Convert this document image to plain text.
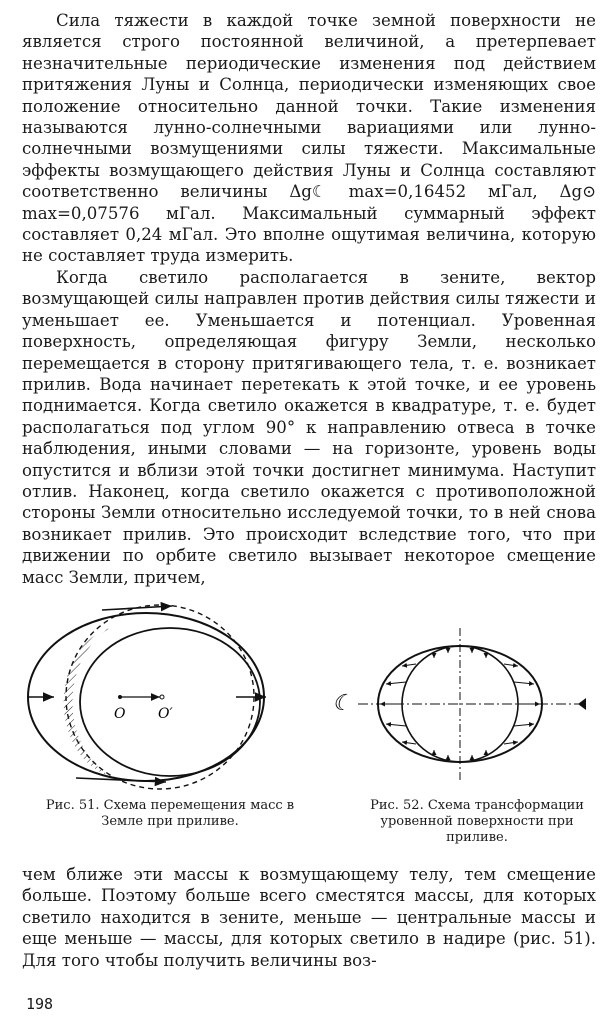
Сила тяжести в каждой точке земной поверхности не является строго постоянной величиной, а претерпевает незначительные периодические изменения под действием притяжения Луны и Солнца, периодически изменяющих свое положение относительно данной точки. Такие изменения называются лунно-солнечными вариациями или лунно-солнечными возмущениями силы тяжести. Максимальные эффекты возмущающего действия Луны и Солнца составляют соответственно величины Δg☾ max=0,16452 мГал, Δg⊙ max=0,07576 мГал. Максимальный суммарный эффект составляет 0,24 мГал. Это вполне ощутимая величина, которую не составляет труда измерить.

Когда светило располагается в зените, вектор возмущающей силы направлен против действия силы тяжести и уменьшает ее. Уменьшается и потенциал. Уровенная поверхность, определяющая фигуру Земли, несколько перемещается в сторону притягивающего тела, т. е. возникает прилив. Вода начинает перетекать к этой точке, и ее уровень поднимается. Когда светило окажется в квадратуре, т. е. будет располагаться под углом 90° к направлению отвеса в точке наблюдения, иными словами — на горизонте, уровень воды опустится и вблизи этой точки достигнет минимума. Наступит отлив. Наконец, когда светило окажется с противоположной стороны Земли относительно исследуемой точки, то в ней снова возникает прилив. Это происходит вследствие того, что при движении по орбите светило вызывает некоторое смещение масс Земли, причем,

O O′	☾
Рис. 51. Схема перемещения масс в Земле при приливе.
Рис. 52. Схема трансформации уровенной поверхности при приливе.

чем ближе эти массы к возмущающему телу, тем смещение больше. Поэтому больше всего сместятся массы, для которых светило находится в зените, меньше — центральные массы и еще меньше — массы, для которых светило в надире (рис. 51). Для того чтобы получить величины воз-

198
